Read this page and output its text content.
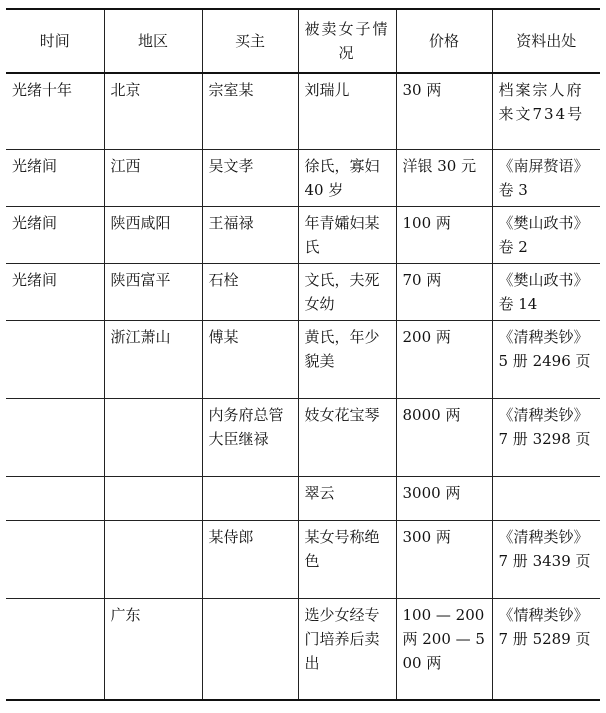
时间	地区	买主	被卖女子情况	价格	资料出处
光绪十年	北京	宗室某	刘瑞儿	30 两	档案宗人府来文734号
光绪间	江西	吴文孝	徐氏，寡妇 40 岁	洋银 30 元	《南屏赘语》卷 3
光绪间	陕西咸阳	王福禄	年青孀妇某氏	100 两	《樊山政书》卷 2
光绪间	陕西富平	石栓	文氏，夫死女幼	70 两	《樊山政书》卷 14
	浙江萧山	傅某	黄氏，年少貌美	200 两	《清稗类钞》5 册 2496 页
		内务府总管大臣继禄	妓女花宝琴	8000 两	《清稗类钞》7 册 3298 页
			翠云	3000 两	
		某侍郎	某女号称绝色	300 两	《清稗类钞》7 册 3439 页
	广东		选少女经专门培养后卖出	100 — 200 两 200 — 500 两	《情稗类钞》7 册 5289 页
